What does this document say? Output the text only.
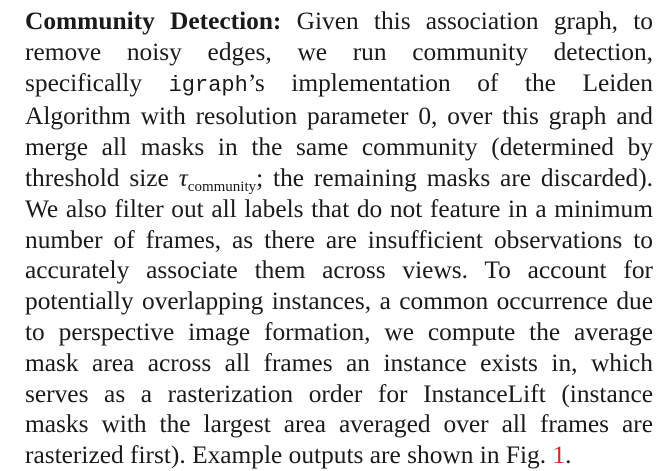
Community Detection: Given this association graph, to remove noisy edges, we run community detection, specifically igraph’s implementation of the Leiden Algorithm with resolution parameter 0, over this graph and merge all masks in the same community (determined by threshold size $\tau_{community}$; the remaining masks are discarded). We also filter out all labels that do not feature in a minimum number of frames, as there are insufficient observations to accurately associate them across views. To account for potentially overlapping instances, a common occurrence due to perspective image formation, we compute the average mask area across all frames an instance exists in, which serves as a rasterization order for InstanceLift (instance masks with the largest area averaged over all frames are rasterized first). Example outputs are shown in Fig. 1.
